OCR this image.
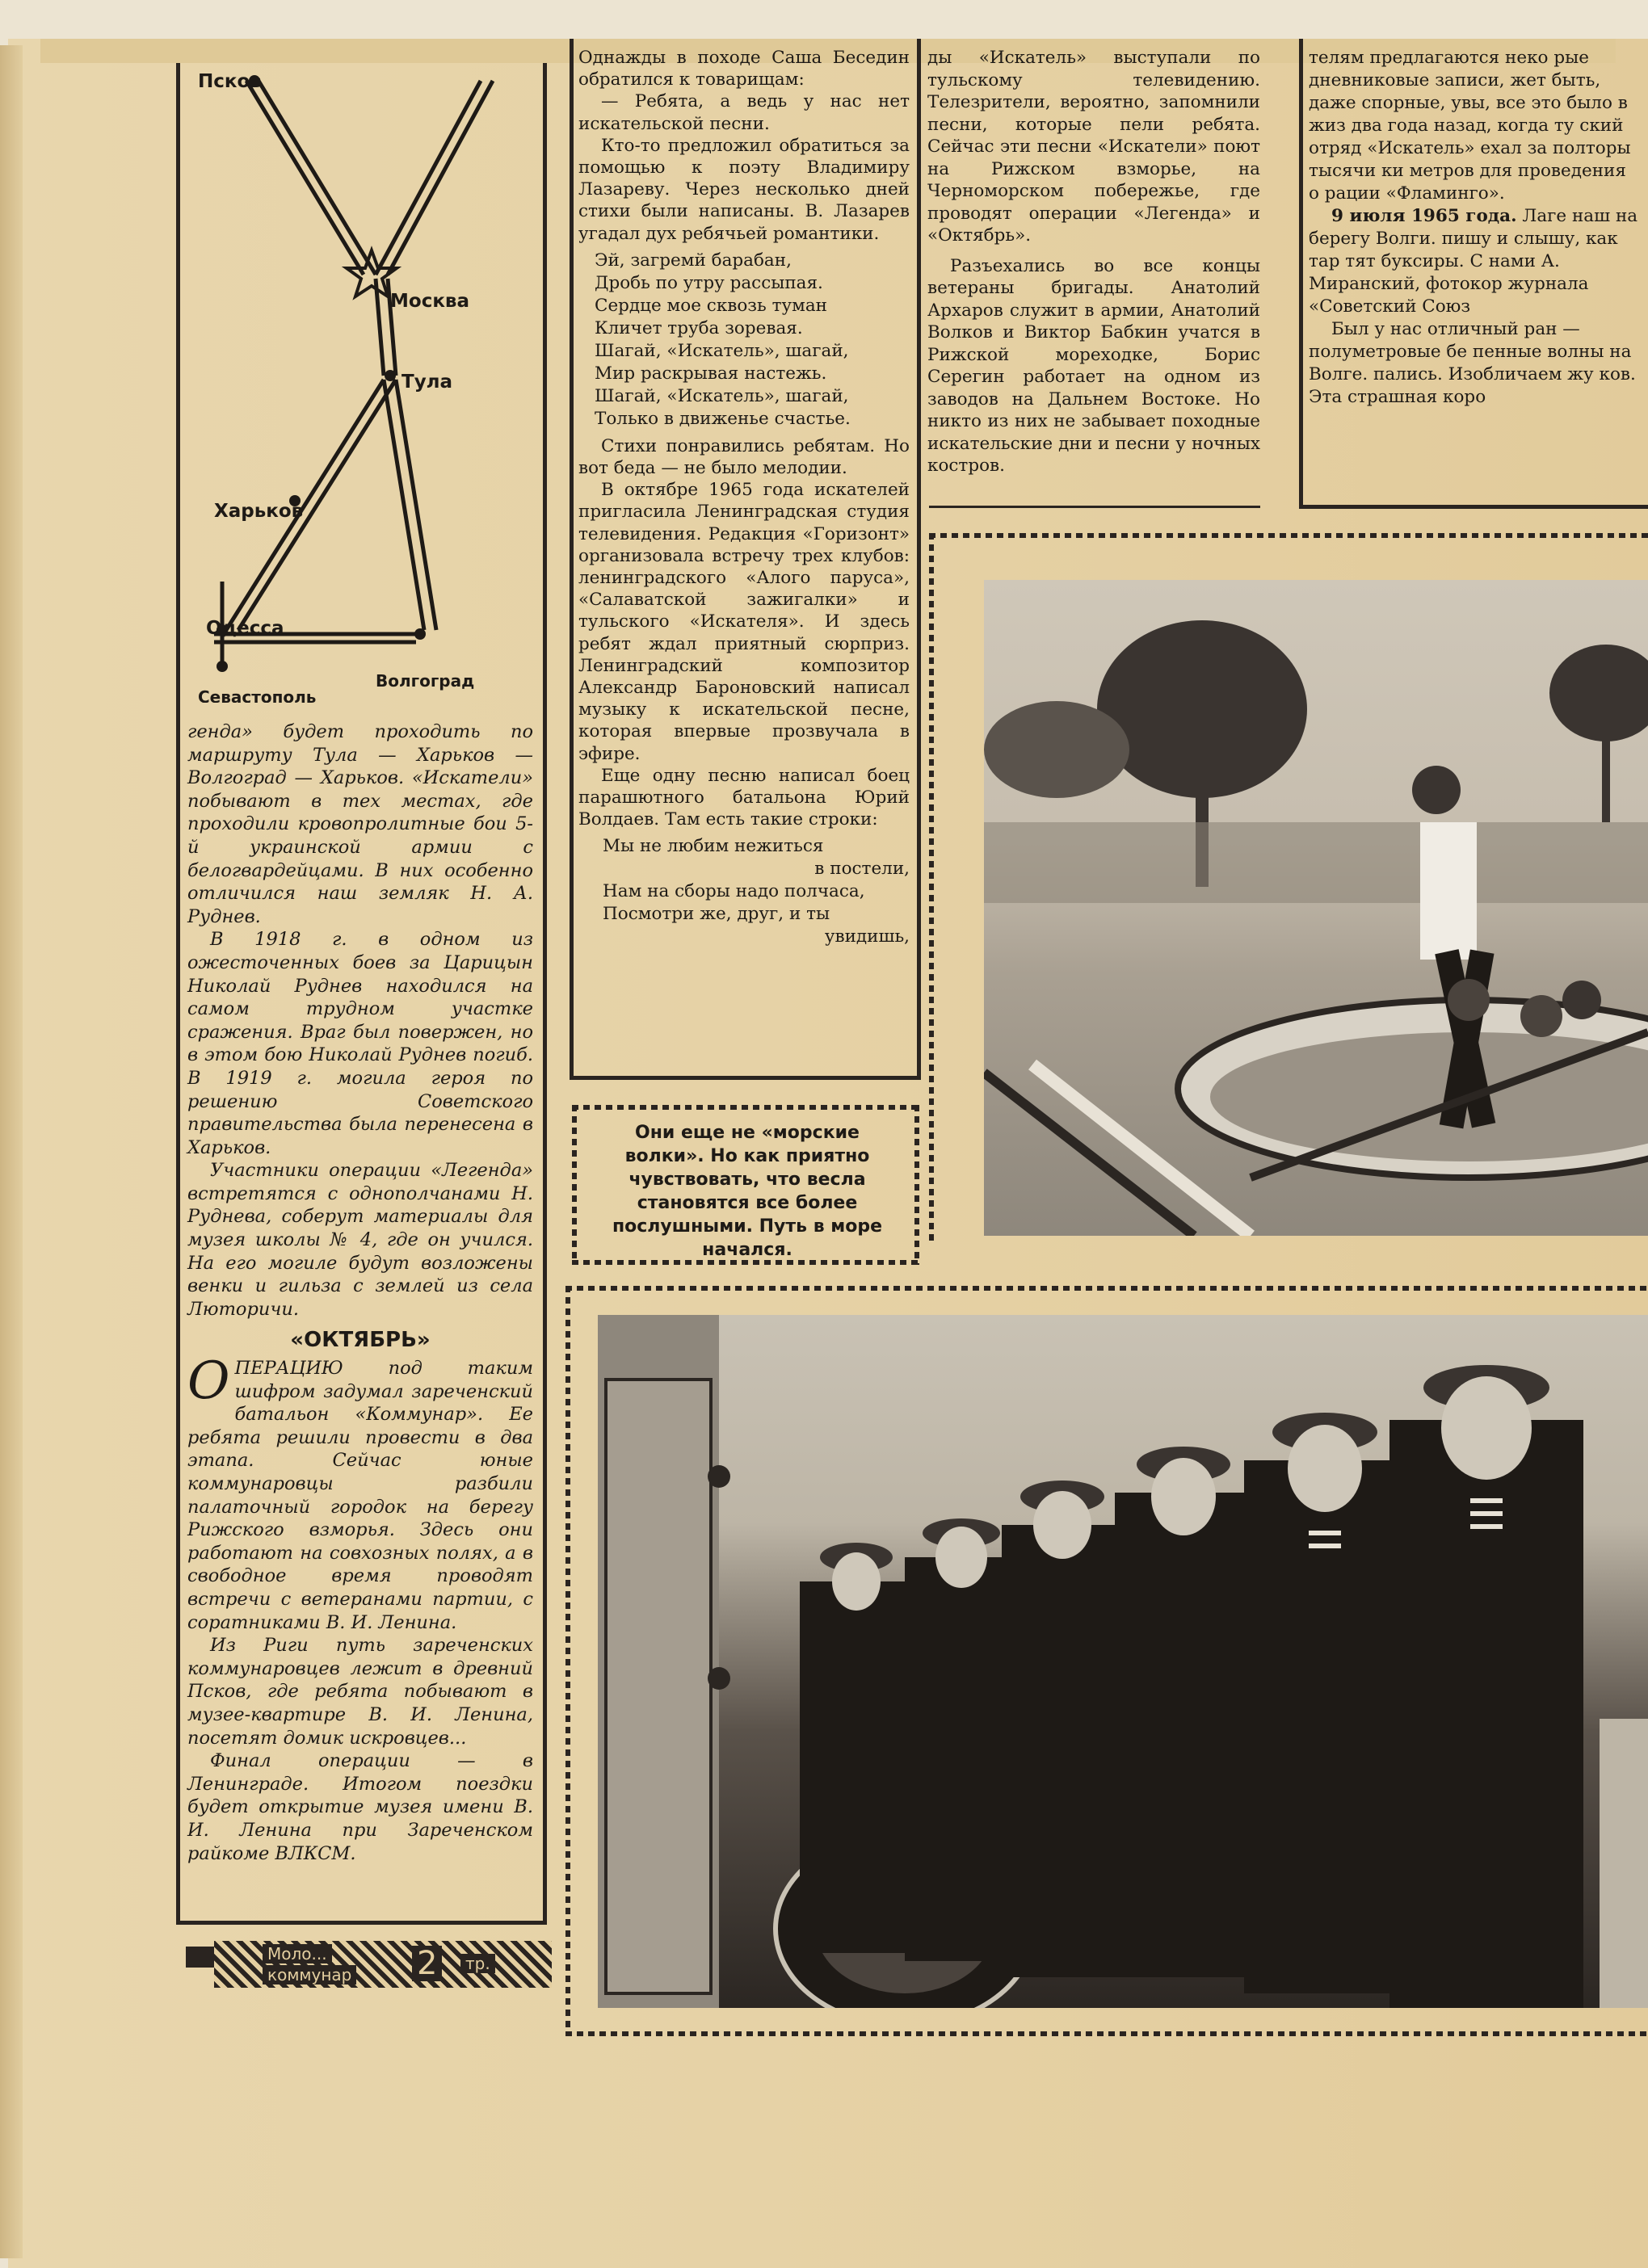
Псков
Москва
Тула
Харьков
Одесса
Севастополь
Волгоград

генда» будет проходить по маршруту Тула — Харьков — Волгоград — Харьков. «Искатели» побывают в тех местах, где проходили кровопролитные бои 5-й украинской армии с белогвардейцами. В них особенно отличился наш земляк Н. А. Руднев.

В 1918 г. в одном из ожесточенных боев за Царицын Николай Руднев находился на самом трудном участке сражения. Враг был повержен, но в этом бою Николай Руднев погиб. В 1919 г. могила героя по решению Советского правительства была перенесена в Харьков.

Участники операции «Легенда» встретятся с однополчанами Н. Руднева, соберут материалы для музея школы № 4, где он учился. На его могиле будут возложены венки и гильза с землей из села Лютоpичи.

«ОКТЯБРЬ»

ОПЕРАЦИЮ под таким шифром задумал зареченский батальон «Коммунар». Ее ребята решили провести в два этапа. Сейчас юные коммунаровцы разбили палаточный городок на берегу Рижского взморья. Здесь они работают на совхозных полях, а в свободное время проводят встречи с ветеранами партии, с соратниками В. И. Ленина.

Из Риги путь зареченских коммунаровцев лежит в древний Псков, где ребята побывают в музее-квартире В. И. Ленина, посетят домик искровцев...

Финал операции — в Ленинграде. Итогом поездки будет открытие музея имени В. И. Ленина при Зареченском райкоме ВЛКСМ.

Однажды в походе Саша Беседин обратился к товарищам:

— Ребята, а ведь у нас нет искательской песни.

Кто-то предложил обратиться за помощью к поэту Владимиру Лазареву. Через несколько дней стихи были написаны. В. Лазарев угадал дух ребячьей романтики.

Эй, загремй барабан,
Дробь по утру рассыпая.
Сердце мое сквозь туман
Кличет труба зоревая.
Шагай, «Искатель», шагай,
Мир раскрывая настежь.
Шагай, «Искатель», шагай,
Только в движенье счастье.

Стихи понравились ребятам. Но вот беда — не было мелодии.

В октябре 1965 года искателей пригласила Ленинградская студия телевидения. Редакция «Горизонт» организовала встречу трех клубов: ленинградского «Алого паруса», «Салаватской зажигалки» и тульского «Искателя». И здесь ребят ждал приятный сюрприз. Ленинградский композитор Александр Бароновский написал музыку к искательской песне, которая впервые прозвучала в эфире.

Еще одну песню написал боец парашютного батальона Юрий Волдаев. Там есть такие строки:

Мы не любим нежиться
в постели,
Нам на сборы надо полчаса,
Посмотри же, друг, и ты
увидишь,

ды «Искатель» выступали по тульскому телевидению. Телезрители, вероятно, запомнили песни, которые пели ребята. Сейчас эти песни «Искатели» поют на Рижском взморье, на Черноморском побережье, где проводят операции «Легенда» и «Октябрь».

Разъехались во все концы ветераны бригады. Анатолий Архаров служит в армии, Анатолий Волков и Виктор Бабкин учатся в Рижской мореходке, Борис Серегин работает на одном из заводов на Дальнем Востоке. Но никто из них не забывает походные искательские дни и песни у ночных костров.

телям предлагаются неко рые дневниковые записи, жет быть, даже спорные, увы, все это было в жиз два года назад, когда ту ский отряд «Искатель» ехал за полторы тысячи ки метров для проведения о рации «Фламинго».

9 июля 1965 года. Лаге наш на берегу Волги. пишу и слышу, как тар тят буксиры. С нами А. Миранский, фотокор журнала «Советский Союз

Был у нас отличный ран — полуметровые бе пенные волны на Волге. пались. Изобличаем жу ков. Эта страшная коро

Они еще не «морские волки». Но как приятно чувствовать, что весла становятся все более послушными. Путь в море начался.
Моло...
коммунар 2	тр.
